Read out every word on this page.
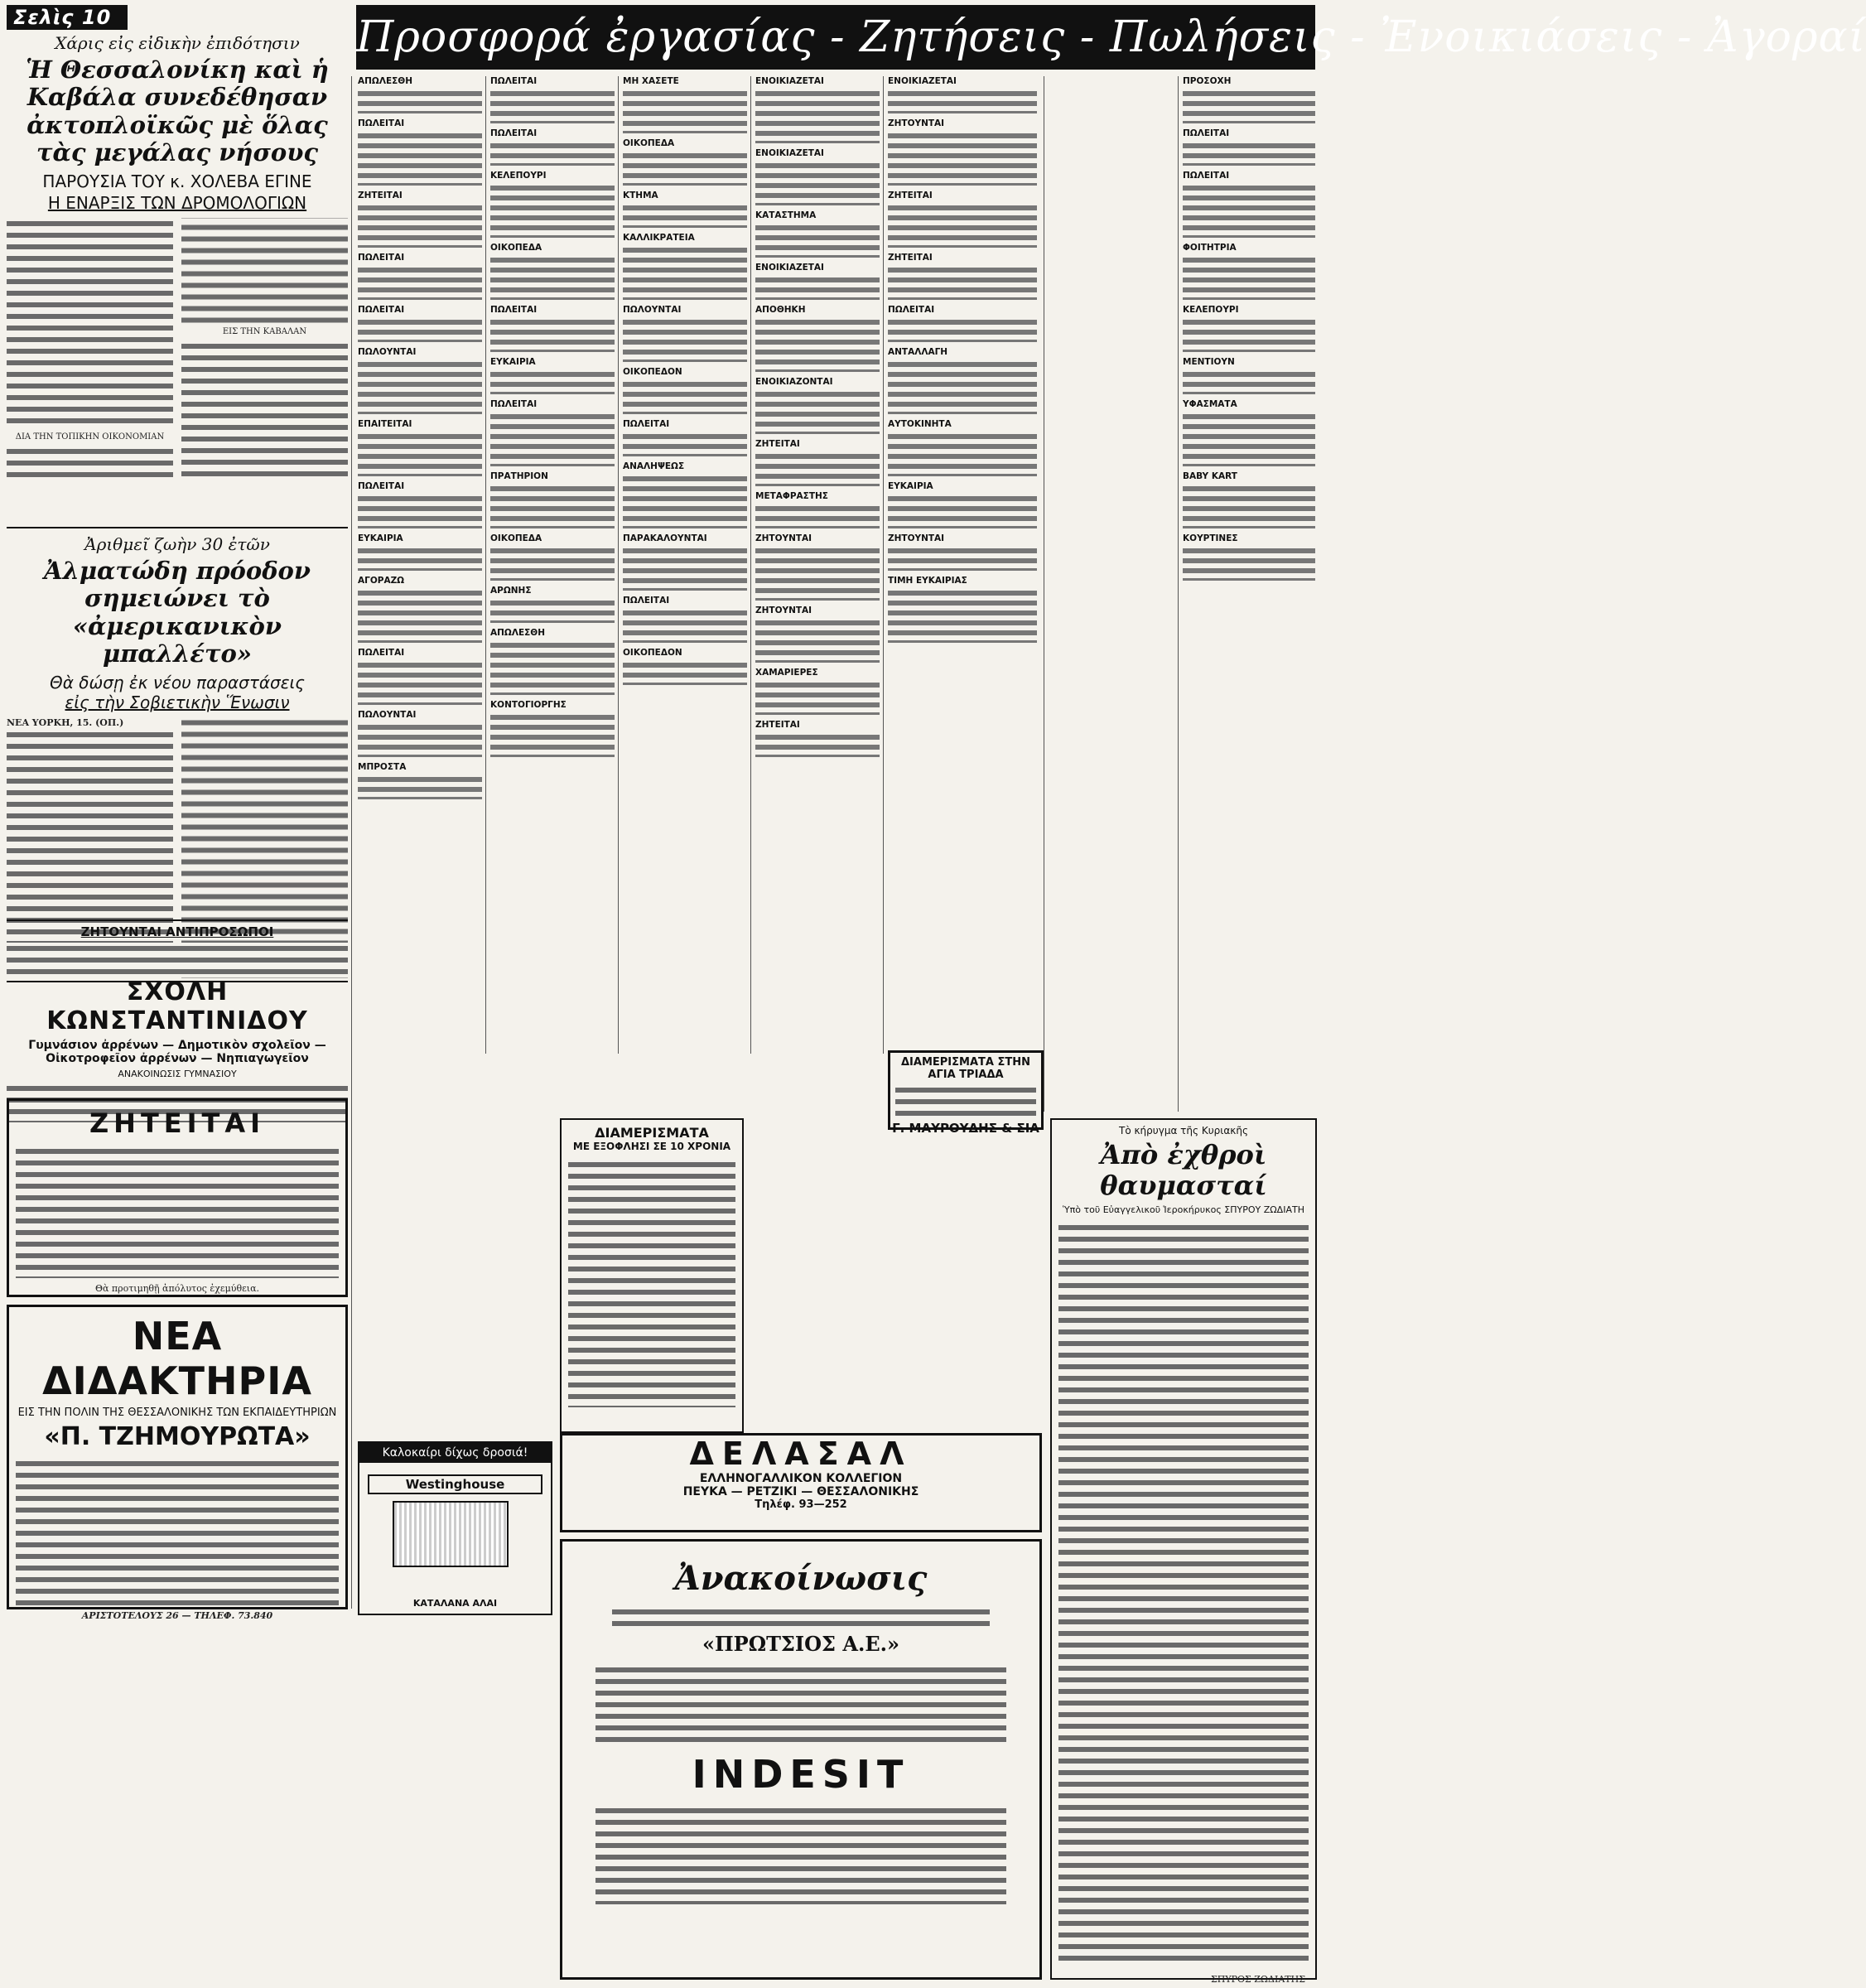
Σελὶς 10	Προσφορά ἐργασίας - Ζητήσεις - Πωλήσεις - Ἐνοικιάσεις - Ἀγοραί
Χάρις εἰς εἰδικὴν ἐπιδότησιν
Ἡ Θεσσαλονίκη καὶ ἡ Καβάλα συνεδέθησαν ἀκτοπλοϊκῶς μὲ ὅλας τὰς μεγάλας νήσους
ΠΑΡΟΥΣΙΑ ΤΟΥ κ. ΧΟΛΕΒΑ ΕΓΙΝΕ
Η ΕΝΑΡΞΙΣ ΤΩΝ ΔΡΟΜΟΛΟΓΙΩΝ
ΔΙΑ ΤΗΝ ΤΟΠΙΚΗΝ ΟΙΚΟΝΟΜΙΑΝ
ΕΙΣ ΤΗΝ ΚΑΒΑΛΑΝ
Ἀριθμεῖ ζωὴν 30 ἐτῶν
Ἀλματώδη πρόοδον σημειώνει τὸ «ἀμερικανικὸν μπαλλέτο»
Θὰ δώσῃ ἐκ νέου παραστάσεις
εἰς τὴν Σοβιετικὴν Ἕνωσιν
ΝΕΑ ΥΟΡΚΗ, 15. (ΟΠ.)
ΖΗΤΟΥΝΤΑΙ ΑΝΤΙΠΡΟΣΩΠΟΙ
ΣΧΟΛΗ ΚΩΝΣΤΑΝΤΙΝΙΔΟΥ
Γυμνάσιον ἀρρένων — Δημοτικὸν σχολεῖον — Οἰκοτροφεῖον ἀρρένων — Νηπιαγωγεῖον
ΑΝΑΚΟΙΝΩΣΙΣ ΓΥΜΝΑΣΙΟΥ
ΖΗΤΕΙΤΑΙ
Θὰ προτιμηθῇ ἀπόλυτος ἐχεμύθεια.
ΝΕΑ ΔΙΔΑΚΤΗΡΙΑ
ΕΙΣ ΤΗΝ ΠΟΛΙΝ ΤΗΣ ΘΕΣΣΑΛΟΝΙΚΗΣ ΤΩΝ ΕΚΠΑΙΔΕΥΤΗΡΙΩΝ
«Π. ΤΖΗΜΟΥΡΩΤΑ»
ΑΡΙΣΤΟΤΕΛΟΥΣ 26 — ΤΗΛΕΦ. 73.840
ΑΠΩΛΕΣΘΗ
ΠΩΛΕΙΤΑΙ
ΖΗΤΕΙΤΑΙ
ΠΩΛΕΙΤΑΙ
ΠΩΛΕΙΤΑΙ
ΠΩΛΟΥΝΤΑΙ
ΕΠΑΙΤΕΙΤΑΙ
ΠΩΛΕΙΤΑΙ
ΕΥΚΑΙΡΙΑ
ΑΓΟΡΑΖΩ
ΠΩΛΕΙΤΑΙ
ΠΩΛΟΥΝΤΑΙ
ΜΠΡΟΣΤΑ
ΠΩΛΕΙΤΑΙ
ΠΩΛΕΙΤΑΙ
ΚΕΛΕΠΟΥΡΙ
ΟΙΚΟΠΕΔΑ
ΠΩΛΕΙΤΑΙ
ΕΥΚΑΙΡΙΑ
ΠΩΛΕΙΤΑΙ
ΠΡΑΤΗΡΙΟΝ
ΟΙΚΟΠΕΔΑ
ΑΡΩΝΗΣ
ΑΠΩΛΕΣΘΗ
ΚΟΝΤΟΓΙΟΡΓΗΣ
ΜΗ ΧΑΣΕΤΕ
ΟΙΚΟΠΕΔΑ
ΚΤΗΜΑ
ΚΑΛΛΙΚΡΑΤΕΙΑ
ΠΩΛΟΥΝΤΑΙ
ΟΙΚΟΠΕΔΟΝ
ΠΩΛΕΙΤΑΙ
ΑΝΑΛΗΨΕΩΣ
ΠΑΡΑΚΑΛΟΥΝΤΑΙ
ΠΩΛΕΙΤΑΙ
ΟΙΚΟΠΕΔΟΝ
ΕΝΟΙΚΙΑΖΕΤΑΙ
ΕΝΟΙΚΙΑΖΕΤΑΙ
ΚΑΤΑΣΤΗΜΑ
ΕΝΟΙΚΙΑΖΕΤΑΙ
ΑΠΟΘΗΚΗ
ΕΝΟΙΚΙΑΖΟΝΤΑΙ
ΖΗΤΕΙΤΑΙ
ΜΕΤΑΦΡΑΣΤΗΣ
ΖΗΤΟΥΝΤΑΙ
ΖΗΤΟΥΝΤΑΙ
ΧΑΜΑΡΙΕΡΕΣ
ΖΗΤΕΙΤΑΙ
ΕΝΟΙΚΙΑΖΕΤΑΙ
ΖΗΤΟΥΝΤΑΙ
ΖΗΤΕΙΤΑΙ
ΖΗΤΕΙΤΑΙ
ΠΩΛΕΙΤΑΙ
ΑΝΤΑΛΛΑΓΗ
ΑΥΤΟΚΙΝΗΤΑ
ΕΥΚΑΙΡΙΑ
ΖΗΤΟΥΝΤΑΙ
ΤΙΜΗ ΕΥΚΑΙΡΙΑΣ
ΠΡΟΣΟΧΗ
ΠΩΛΕΙΤΑΙ
ΠΩΛΕΙΤΑΙ
ΦΟΙΤΗΤΡΙΑ
ΚΕΛΕΠΟΥΡΙ
ΜΕΝΤΙΟΥΝ
ΥΦΑΣΜΑΤΑ
BABY KART
ΚΟΥΡΤΙΝΕΣ
Καλοκαίρι δίχως δροσιά!
Westinghouse
ΚΑΤΑΛΑΝΑ ΑΛΑΙ
ΔΙΑΜΕΡΙΣΜΑΤΑ
ΜΕ ΕΞΟΦΛΗΣΙ ΣΕ 10 ΧΡΟΝΙΑ
ΔΕΛΑΣΑΛ
ΕΛΛΗΝΟΓΑΛΛΙΚΟΝ ΚΟΛΛΕΓΙΟΝ
ΠΕΥΚΑ — ΡΕΤΖΙΚΙ — ΘΕΣΣΑΛΟΝΙΚΗΣ
Τηλέφ. 93—252
Ἀνακοίνωσις
«ΠΡΩΤΣΙΟΣ Α.Ε.»
INDESIT
ΔΙΑΜΕΡΙΣΜΑΤΑ ΣΤΗΝ ΑΓΙΑ ΤΡΙΑΔΑ
Γ. ΜΑΥΡΟΥΔΗΣ & ΣΙΑ	Τὸ κήρυγμα τῆς Κυριακῆς
Ἀπὸ ἐχθροὶ θαυμασταί
Ὑπὸ τοῦ Εὐαγγελικοῦ Ἱεροκήρυκος ΣΠΥΡΟΥ ΖΩΔΙΑΤΗ
ΣΠΥΡΟΣ ΖΩΔΙΑΤΗΣ
